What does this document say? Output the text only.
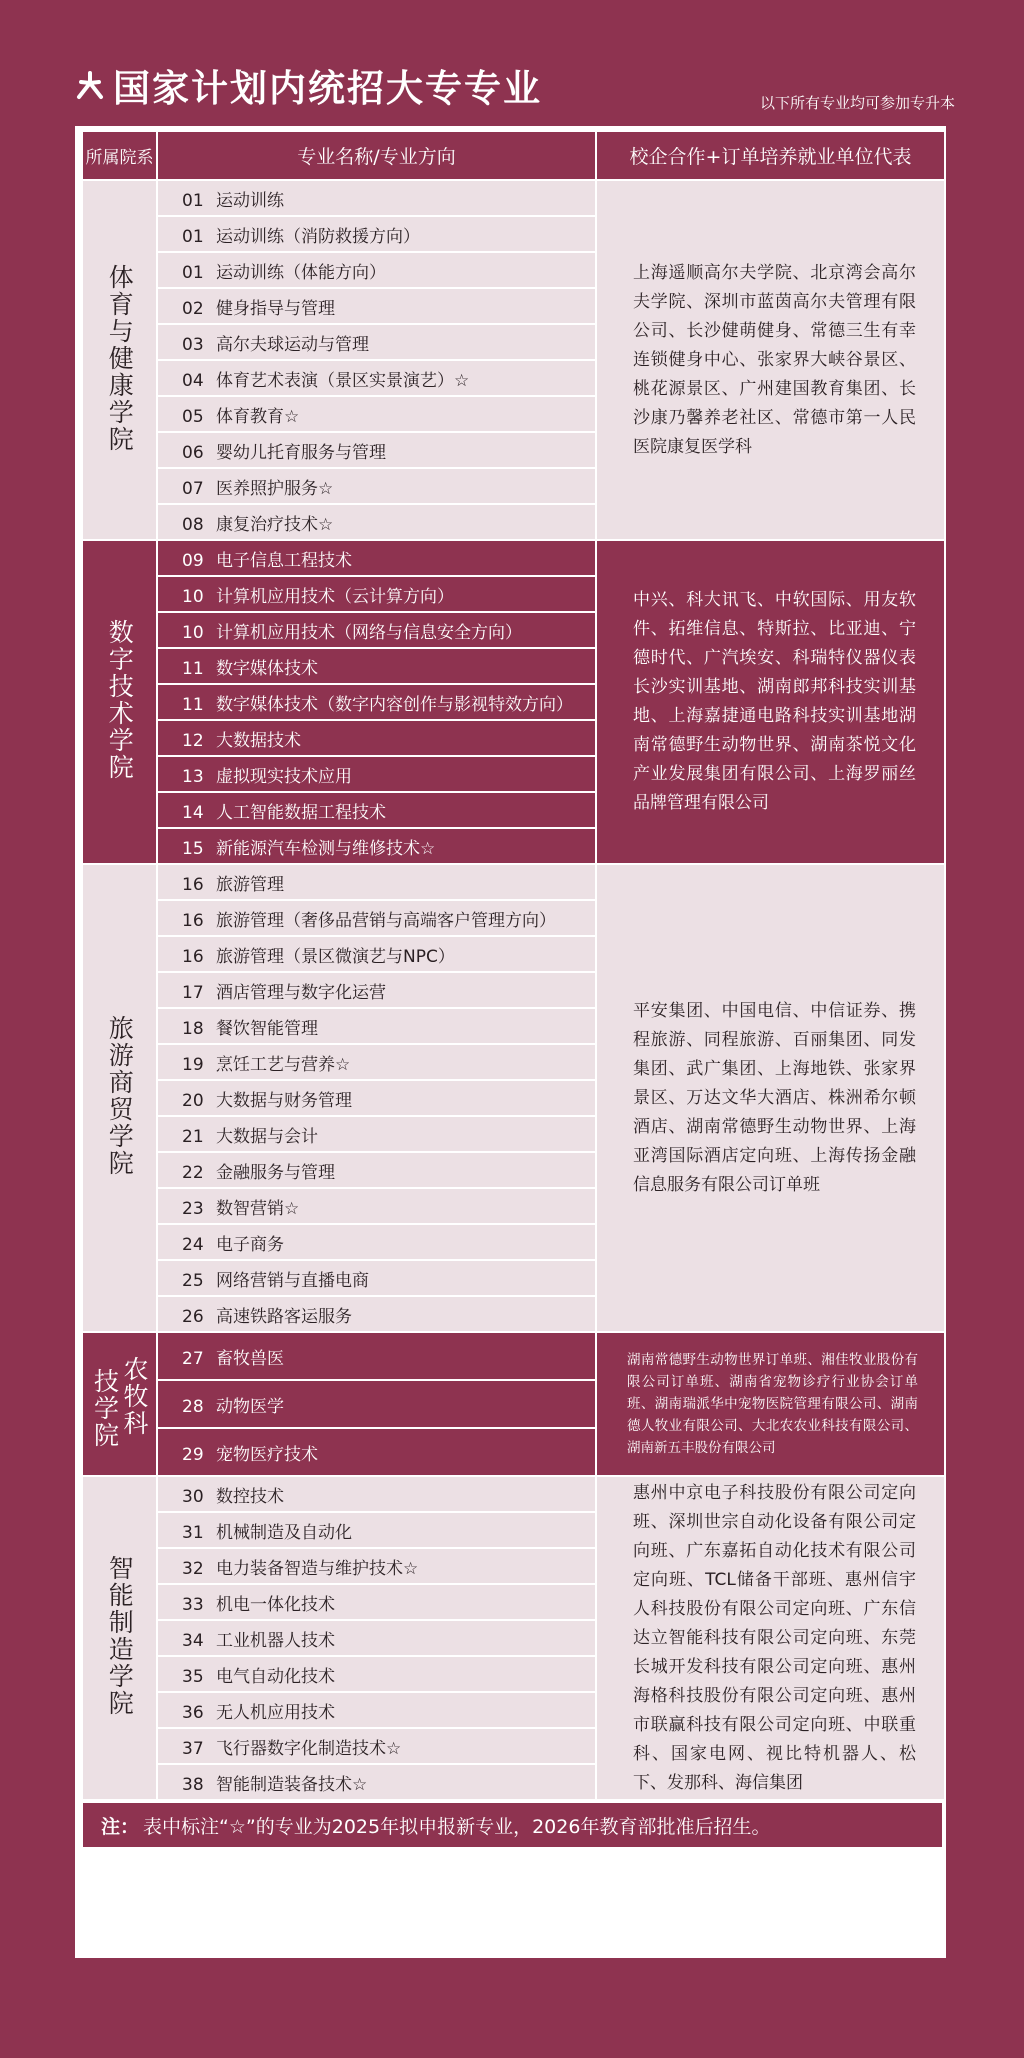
国家计划内统招大专专业	以下所有专业均可参加专升本
所属院系	专业名称/专业方向	校企合作+订单培养就业单位代表
体育与健康学院	01 运动训练	上海遥顺高尔夫学院、北京湾会高尔夫学院、深圳市蓝茵高尔夫管理有限公司、长沙健萌健身、常德三生有幸连锁健身中心、张家界大峡谷景区、桃花源景区、广州建国教育集团、长沙康乃馨养老社区、常德市第一人民医院康复医学科
	01 运动训练（消防救援方向）	
	01 运动训练（体能方向）	
	02 健身指导与管理	
	03 高尔夫球运动与管理	
	04 体育艺术表演（景区实景演艺）☆	
	05 体育教育☆	
	06 婴幼儿托育服务与管理	
	07 医养照护服务☆	
	08 康复治疗技术☆	
数字技术学院	09 电子信息工程技术	中兴、科大讯飞、中软国际、用友软件、拓维信息、特斯拉、比亚迪、宁德时代、广汽埃安、科瑞特仪器仪表长沙实训基地、湖南郎邦科技实训基地、上海嘉捷通电路科技实训基地湖南常德野生动物世界、湖南茶悦文化产业发展集团有限公司、上海罗丽丝品牌管理有限公司
	10 计算机应用技术（云计算方向）	
	10 计算机应用技术（网络与信息安全方向）	
	11 数字媒体技术	
	11 数字媒体技术（数字内容创作与影视特效方向）	
	12 大数据技术	
	13 虚拟现实技术应用	
	14 人工智能数据工程技术	
	15 新能源汽车检测与维修技术☆	
旅游商贸学院	16 旅游管理	平安集团、中国电信、中信证券、携程旅游、同程旅游、百丽集团、同发集团、武广集团、上海地铁、张家界景区、万达文华大酒店、株洲希尔顿酒店、湖南常德野生动物世界、上海亚湾国际酒店定向班、上海传扬金融信息服务有限公司订单班
	16 旅游管理（奢侈品营销与高端客户管理方向）	
	16 旅游管理（景区微演艺与NPC）	
	17 酒店管理与数字化运营	
	18 餐饮智能管理	
	19 烹饪工艺与营养☆	
	20 大数据与财务管理	
	21 大数据与会计	
	22 金融服务与管理	
	23 数智营销☆	
	24 电子商务	
	25 网络营销与直播电商	
	26 高速铁路客运服务	

农牧科
技学院	27 畜牧兽医	湖南常德野生动物世界订单班、湘佳牧业股份有限公司订单班、湖南省宠物诊疗行业协会订单班、湖南瑞派华中宠物医院管理有限公司、湖南德人牧业有限公司、大北农农业科技有限公司、湖南新五丰股份有限公司
	28 动物医学	
	29 宠物医疗技术	
智能制造学院	30 数控技术	惠州中京电子科技股份有限公司定向班、深圳世宗自动化设备有限公司定向班、广东嘉拓自动化技术有限公司定向班、TCL储备干部班、惠州信宇人科技股份有限公司定向班、广东信达立智能科技有限公司定向班、东莞长城开发科技有限公司定向班、惠州海格科技股份有限公司定向班、惠州市联赢科技有限公司定向班、中联重科、国家电网、视比特机器人、松下、发那科、海信集团
	31 机械制造及自动化	
	32 电力装备智造与维护技术☆	
	33 机电一体化技术	
	34 工业机器人技术	
	35 电气自动化技术	
	36 无人机应用技术	
	37 飞行器数字化制造技术☆	
	38 智能制造装备技术☆	
注： 表中标注“☆”的专业为2025年拟申报新专业，2026年教育部批准后招生。
